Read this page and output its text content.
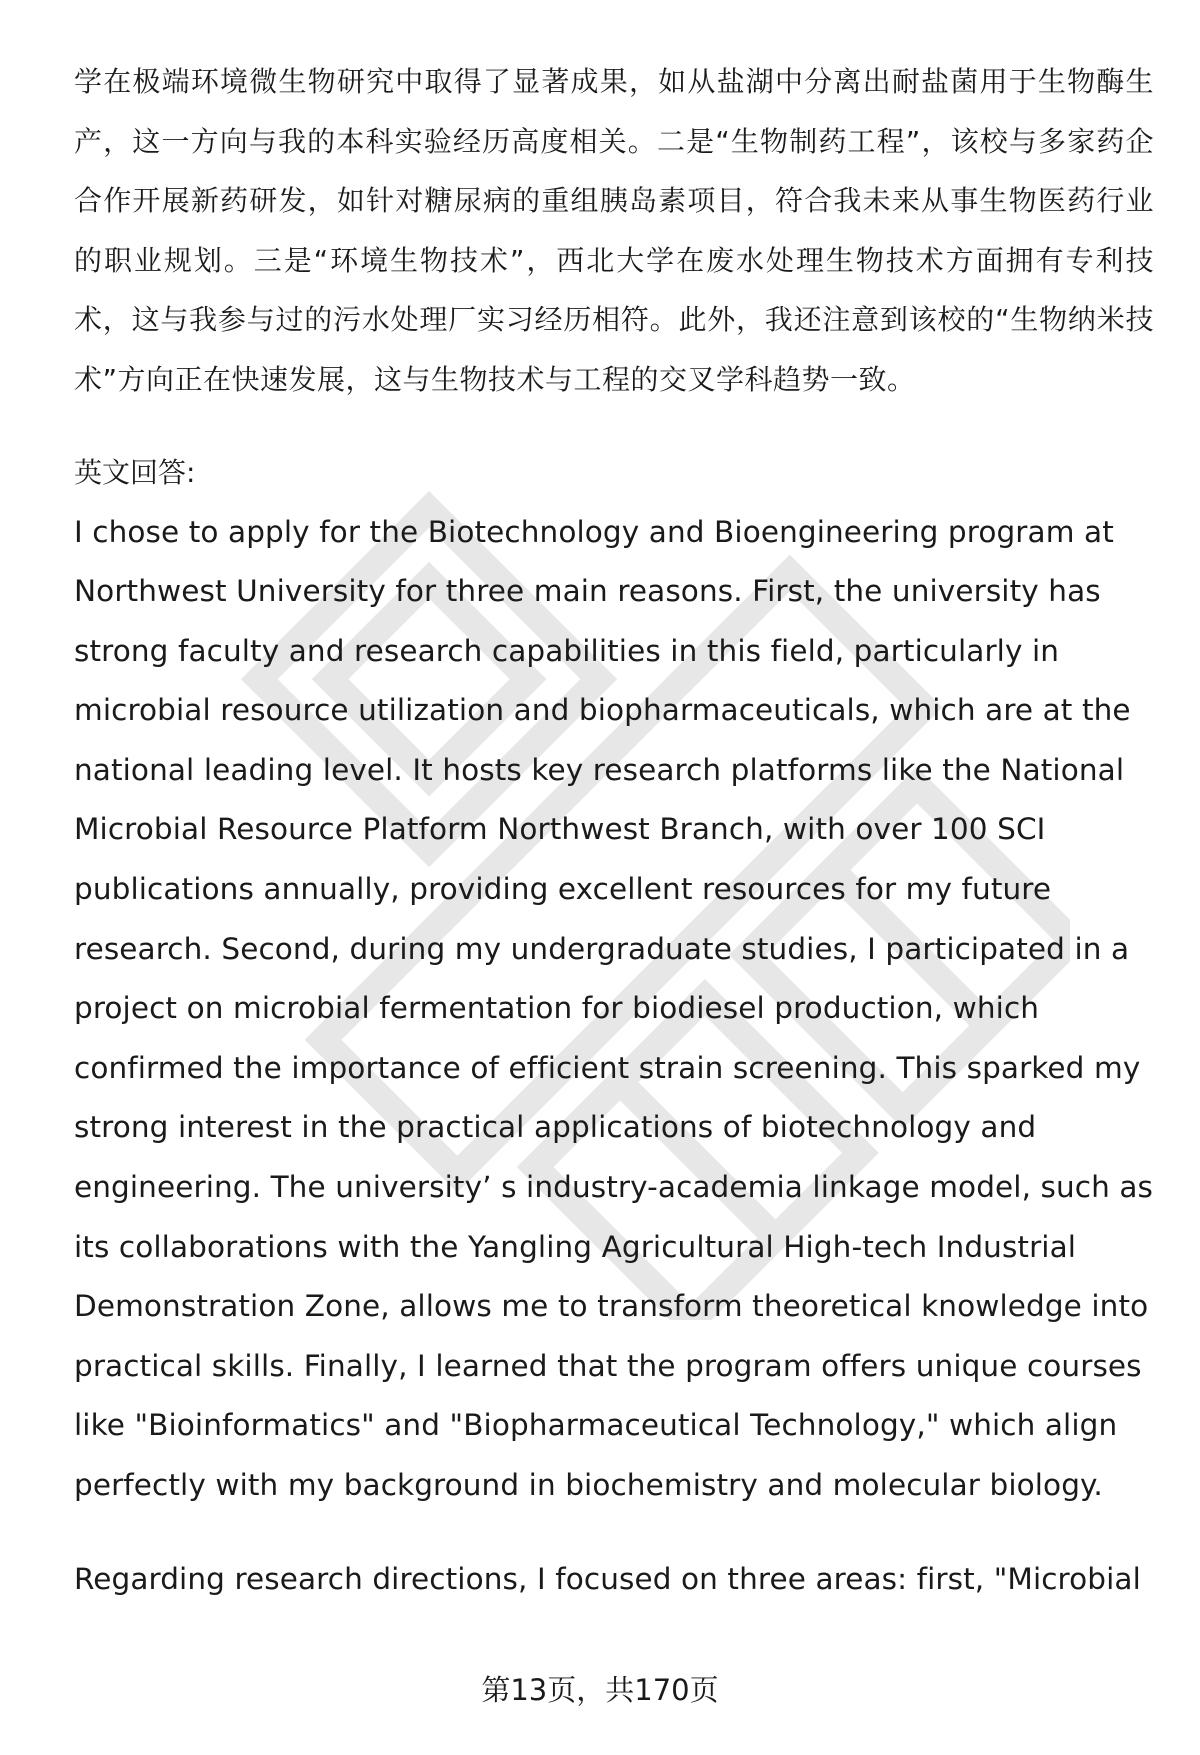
学在极端环境微生物研究中取得了显著成果，如从盐湖中分离出耐盐菌用于生物酶生产，这一方向与我的本科实验经历高度相关。二是“生物制药工程”，该校与多家药企合作开展新药研发，如针对糖尿病的重组胰岛素项目，符合我未来从事生物医药行业的职业规划。三是“环境生物技术”，西北大学在废水处理生物技术方面拥有专利技术，这与我参与过的污水处理厂实习经历相符。此外，我还注意到该校的“生物纳米技术”方向正在快速发展，这与生物技术与工程的交叉学科趋势一致。

英文回答:

I chose to apply for the Biotechnology and Bioengineering program at Northwest University for three main reasons. First, the university has strong faculty and research capabilities in this field, particularly in microbial resource utilization and biopharmaceuticals, which are at the national leading level. It hosts key research platforms like the National Microbial Resource Platform Northwest Branch, with over 100 SCI publications annually, providing excellent resources for my future research. Second, during my undergraduate studies, I participated in a project on microbial fermentation for biodiesel production, which confirmed the importance of efficient strain screening. This sparked my strong interest in the practical applications of biotechnology and engineering. The university’ s industry-academia linkage model, such as its collaborations with the Yangling Agricultural High-tech Industrial Demonstration Zone, allows me to transform theoretical knowledge into practical skills. Finally, I learned that the program offers unique courses like "Bioinformatics" and "Biopharmaceutical Technology," which align perfectly with my background in biochemistry and molecular biology.

Regarding research directions, I focused on three areas: first, "Microbial

第13页，共170页
